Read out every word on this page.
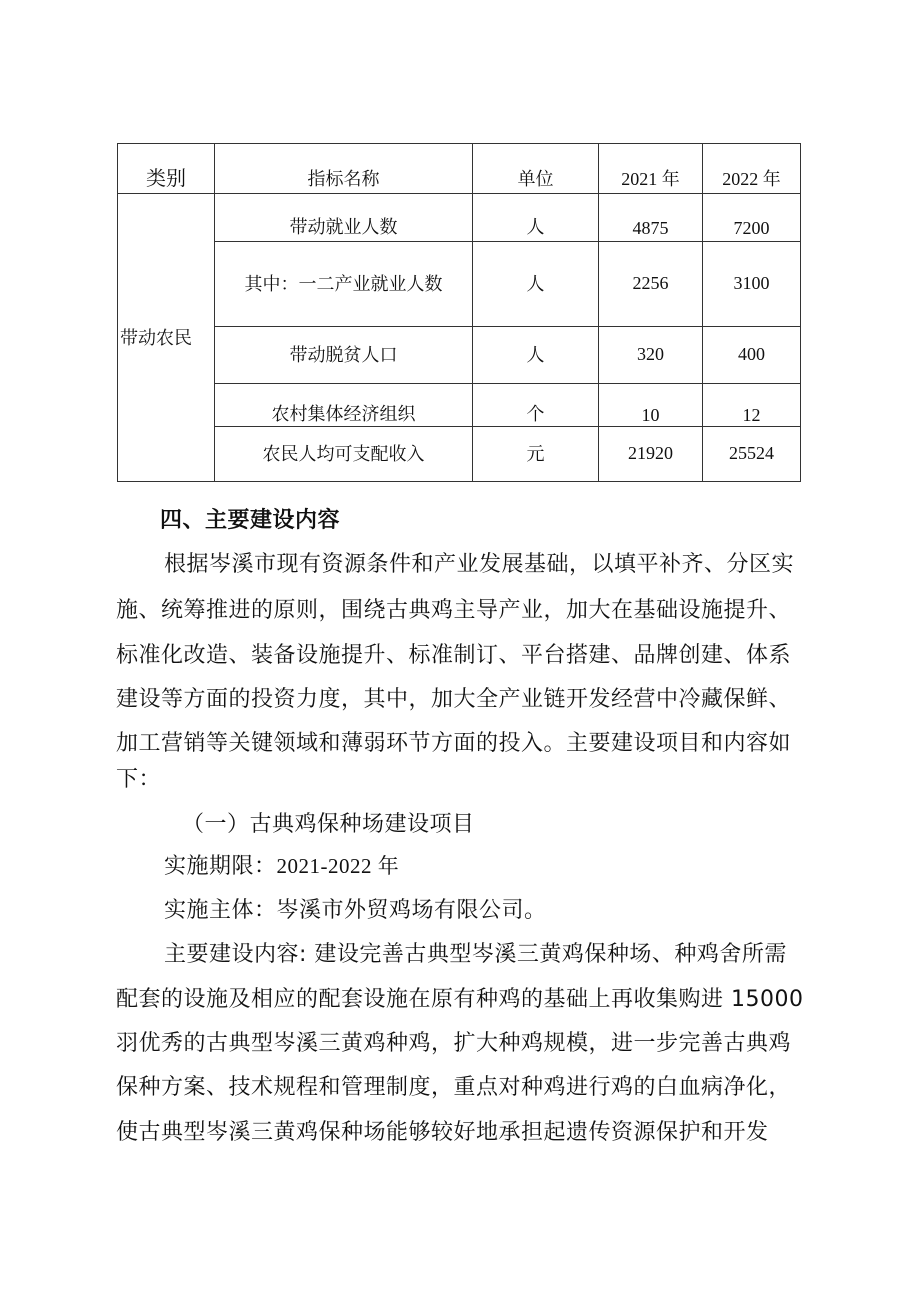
类别	指标名称	单位	2021 年	2022 年
带动农民	带动就业人数	人	4875	7200
	其中：一二产业就业人数	人	2256	3100
	带动脱贫人口	人	320	400
	农村集体经济组织	个	10	12
	农民人均可支配收入	元	21920	25524
四、主要建设内容
根据岑溪市现有资源条件和产业发展基础，以填平补齐、分区实
施、统筹推进的原则，围绕古典鸡主导产业，加大在基础设施提升、
标准化改造、装备设施提升、标准制订、平台搭建、品牌创建、体系
建设等方面的投资力度，其中，加大全产业链开发经营中冷藏保鲜、
加工营销等关键领域和薄弱环节方面的投入。主要建设项目和内容如
下：
（一）古典鸡保种场建设项目
实施期限：2021-2022 年
实施主体：岑溪市外贸鸡场有限公司。
主要建设内容: 建设完善古典型岑溪三黄鸡保种场、种鸡舍所需
配套的设施及相应的配套设施在原有种鸡的基础上再收集购进 15000
羽优秀的古典型岑溪三黄鸡种鸡，扩大种鸡规模，进一步完善古典鸡
保种方案、技术规程和管理制度，重点对种鸡进行鸡的白血病净化，
使古典型岑溪三黄鸡保种场能够较好地承担起遗传资源保护和开发
